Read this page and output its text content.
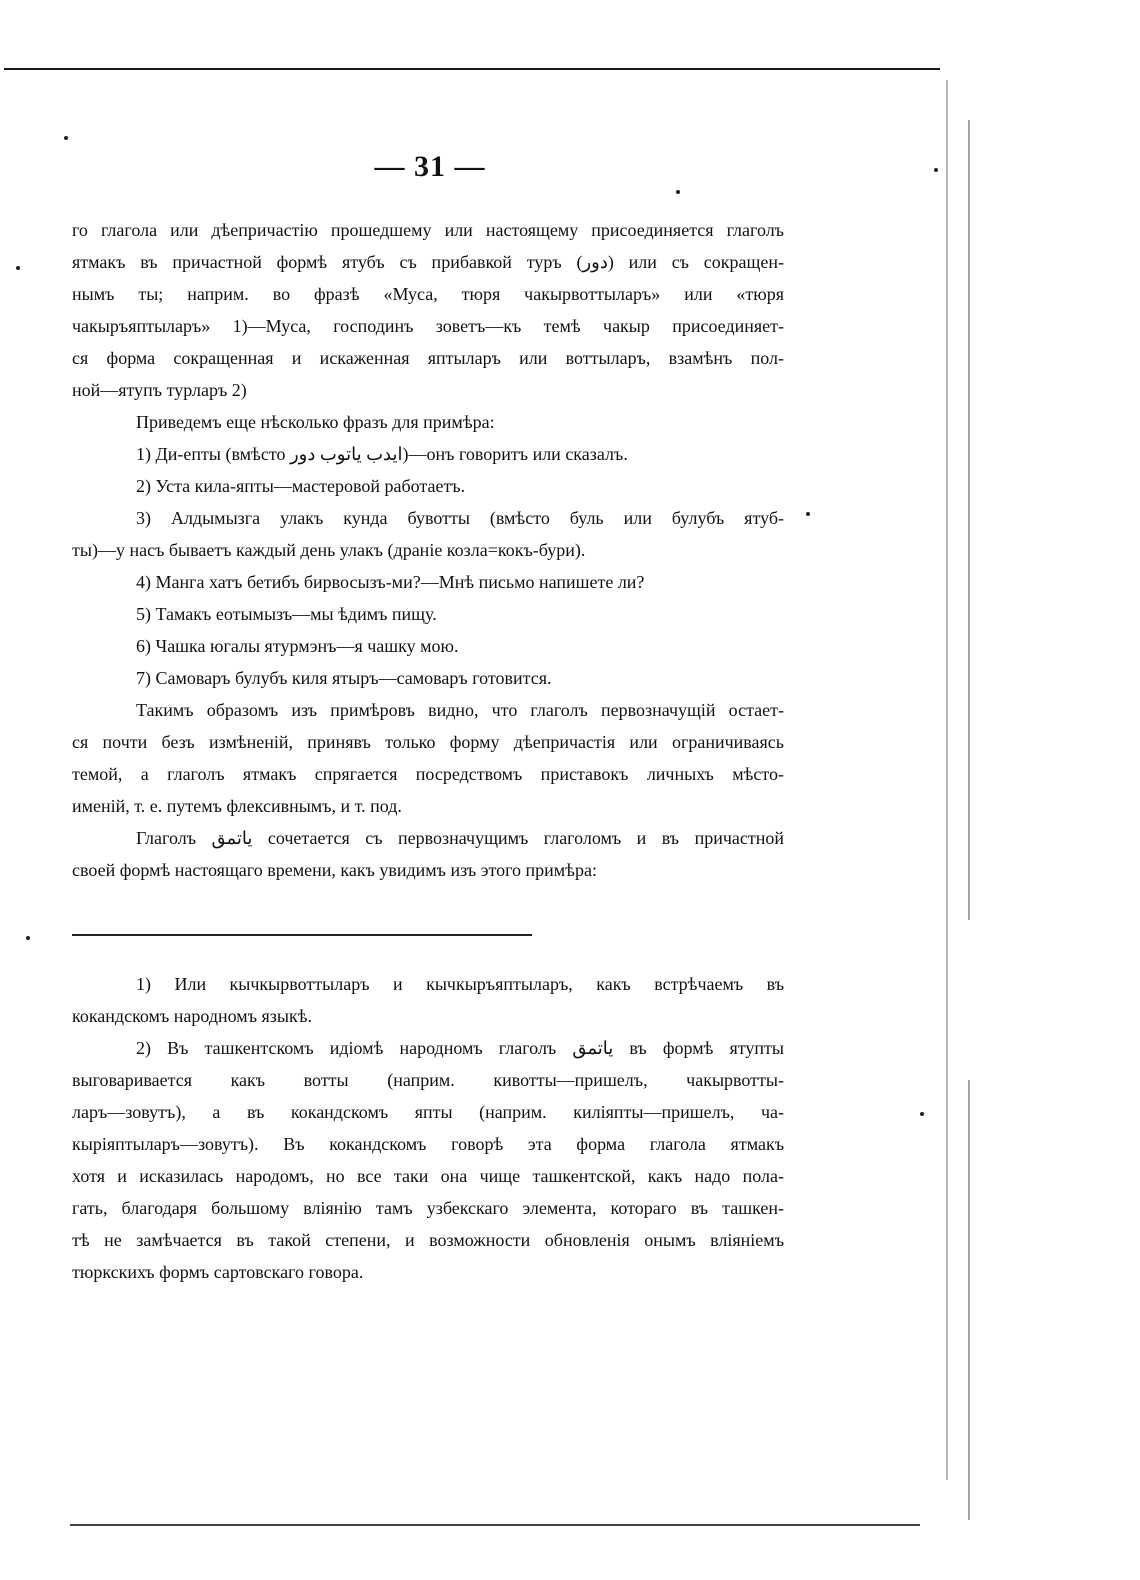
— 31 —
го глагола или дѣепричастію прошедшему или настоящему присоединяется глаголъ
ятмакъ въ причастной формѣ ятубъ съ прибавкой туръ (دور) или съ сокращен-
нымъ ты; наприм. во фразѣ «Муса, тюря чакырвоттыларъ» или «тюря
чакыръяптыларъ» 1)—Муса, господинъ зоветъ—къ темѣ чакыр присоединяет-
ся форма сокращенная и искаженная яптыларъ или воттыларъ, взамѣнъ пол-
ной—ятупъ турларъ 2)
Приведемъ еще нѣсколько фразъ для примѣра:
1) Ди-епты (вмѣсто ايدب ياتوب دور)—онъ говоритъ или сказалъ.
2) Уста кила-япты—мастеровой работаетъ.
3) Алдымызга улакъ кунда бувотты (вмѣсто буль или булубъ ятуб-
ты)—у насъ бываетъ каждый день улакъ (драніе козла=кокъ-бури).
4) Манга хатъ бетибъ бирвосызъ-ми?—Мнѣ письмо напишете ли?
5) Тамакъ еотымызъ—мы ѣдимъ пищу.
6) Чашка югалы ятурмэнъ—я чашку мою.
7) Самоваръ булубъ киля ятыръ—самоваръ готовится.
Такимъ образомъ изъ примѣровъ видно, что глаголъ первозначущій остает-
ся почти безъ измѣненій, принявъ только форму дѣепричастія или ограничиваясь
темой, а глаголъ ятмакъ спрягается посредствомъ приставокъ личныхъ мѣсто-
именій, т. е. путемъ флексивнымъ, и т. под.
Глаголъ ياتمق сочетается съ первозначущимъ глаголомъ и въ причастной
своей формѣ настоящаго времени, какъ увидимъ изъ этого примѣра:
1) Или кычкырвоттыларъ и кычкыръяптыларъ, какъ встрѣчаемъ въ
кокандскомъ народномъ языкѣ.
2) Въ ташкентскомъ идіомѣ народномъ глаголъ ياتمق въ формѣ ятупты
выговаривается какъ вотты (наприм. кивотты—пришелъ, чакырвотты-
ларъ—зовутъ), а въ кокандскомъ япты (наприм. киліяпты—пришелъ, ча-
кырiяптыларъ—зовутъ). Въ кокандскомъ говорѣ эта форма глагола ятмакъ
хотя и исказилась народомъ, но все таки она чище ташкентской, какъ надо пола-
гать, благодаря большому вліянію тамъ узбекскаго элемента, котораго въ ташкен-
тѣ не замѣчается въ такой степени, и возможности обновленія онымъ вліяніемъ
тюркскихъ формъ сартовскаго говора.
